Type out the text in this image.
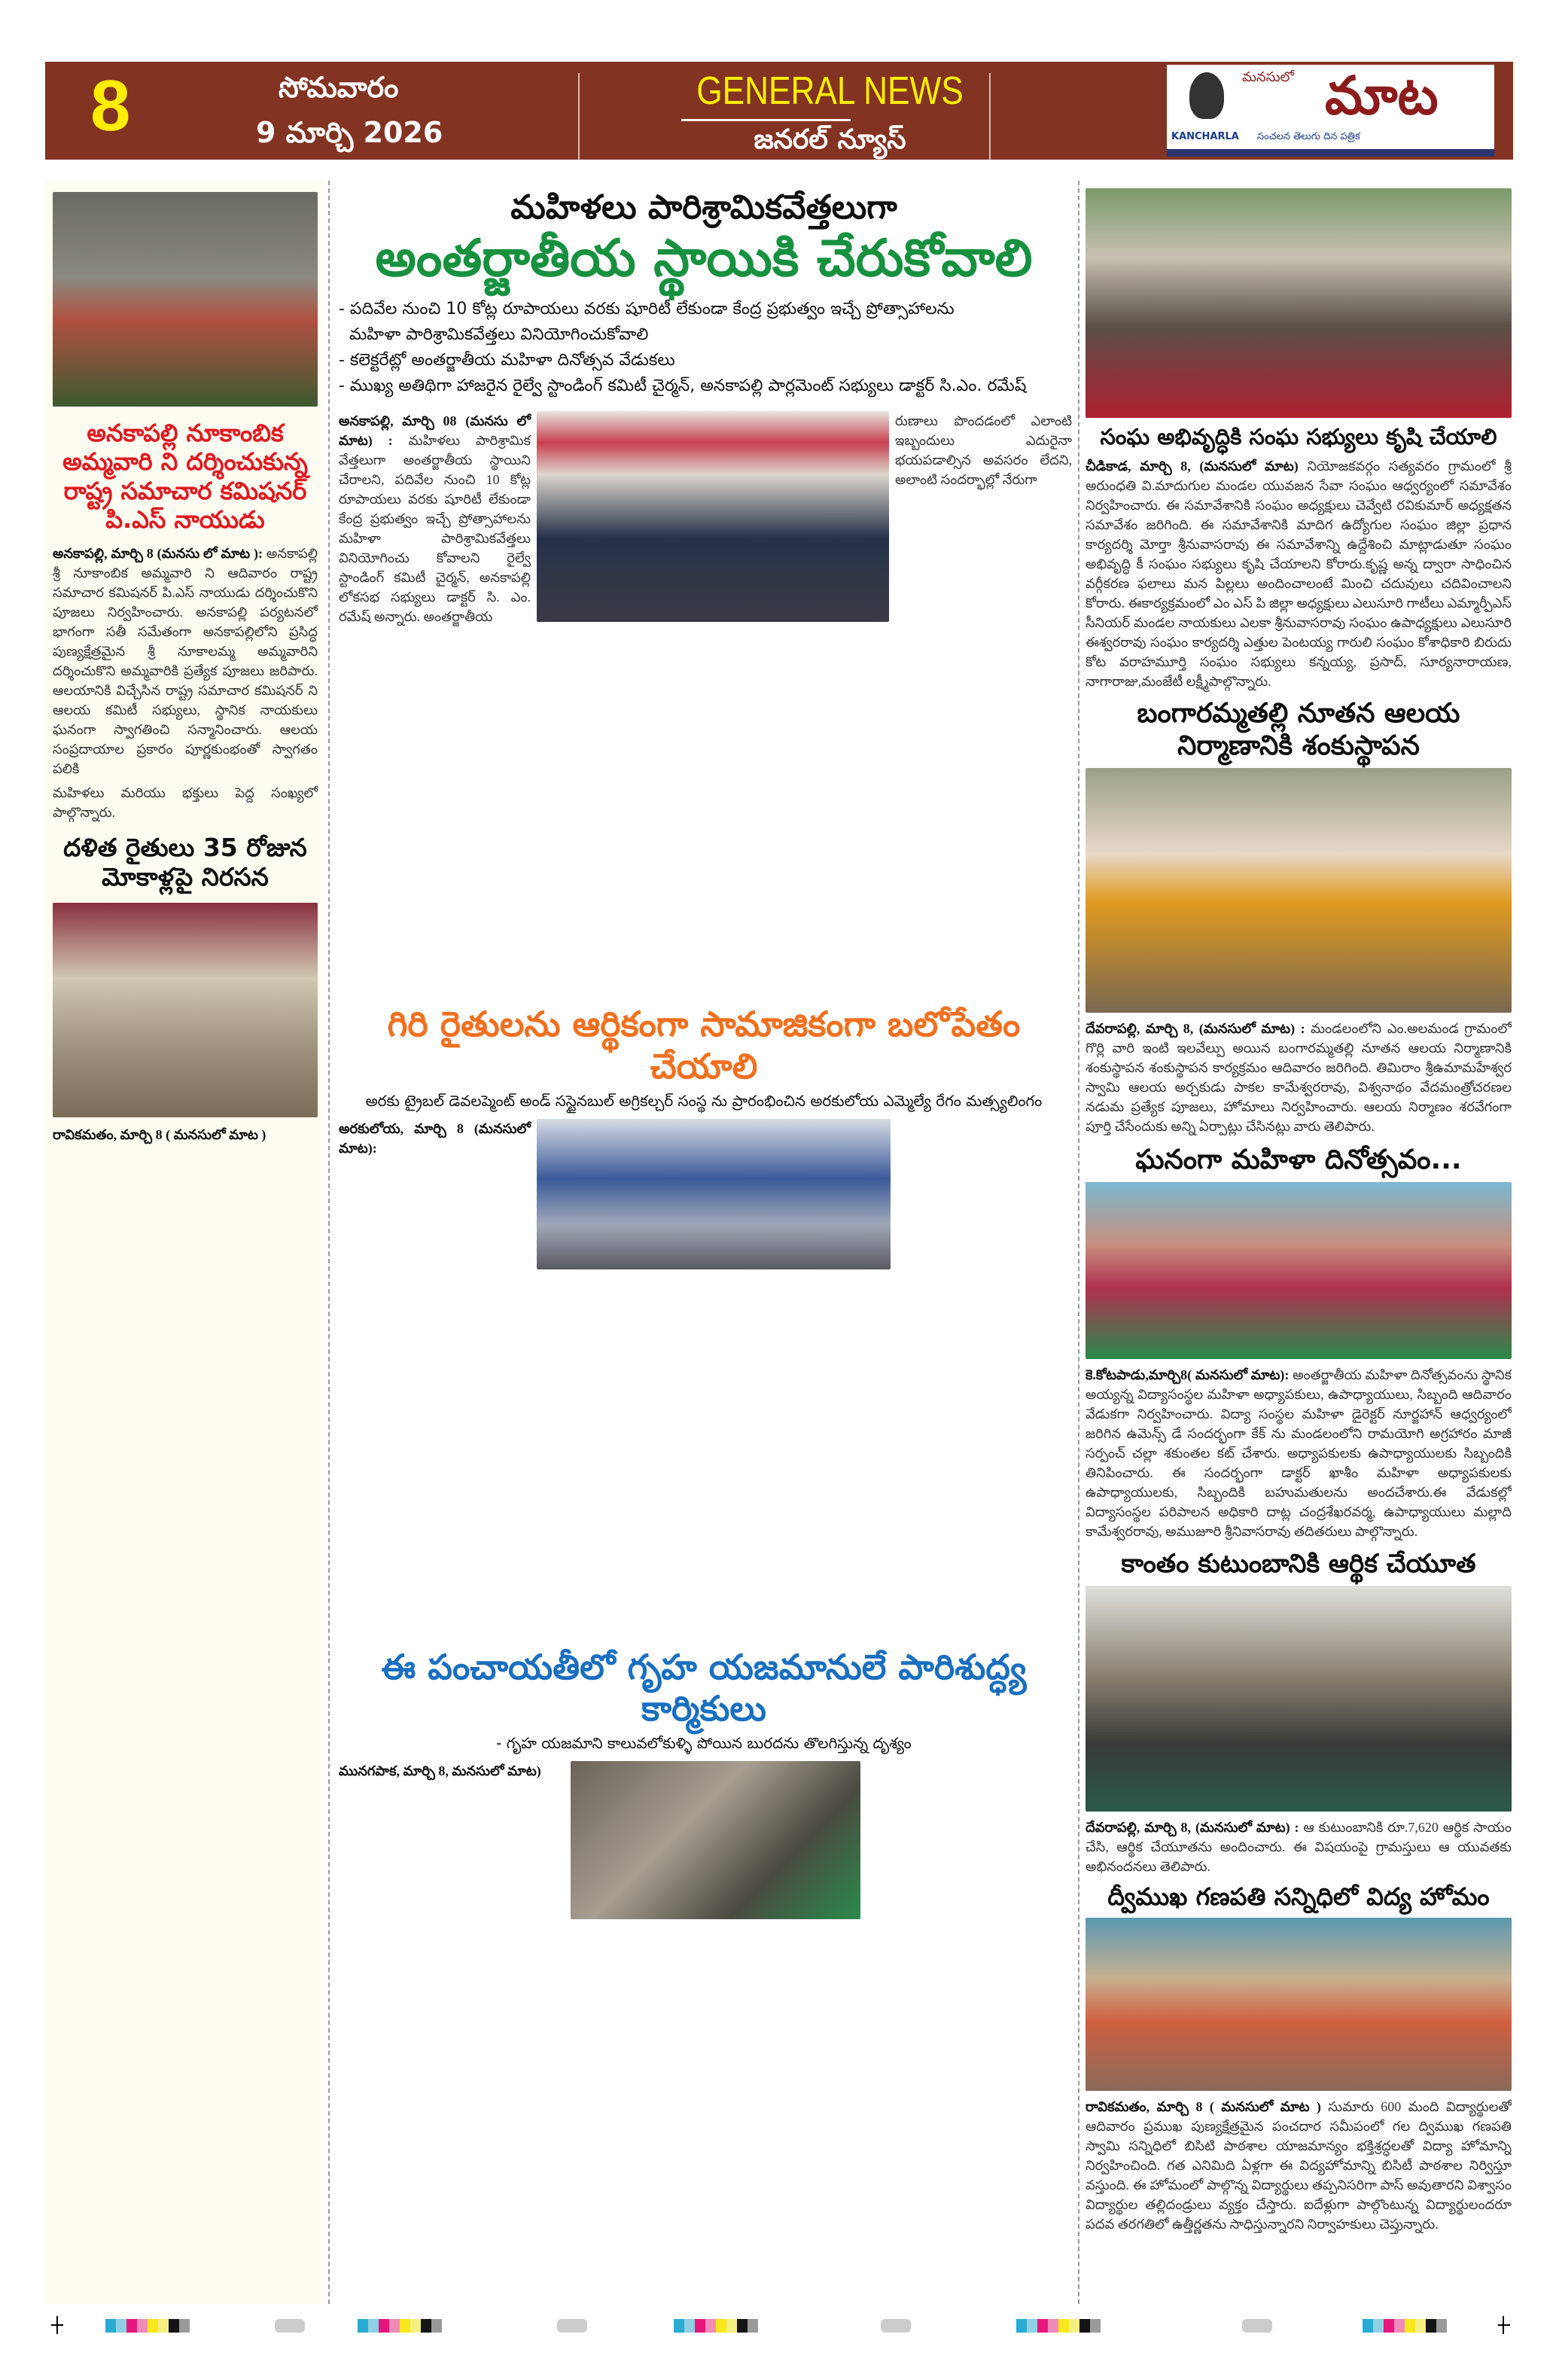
8	సోమవారం
9 మార్చి 2026
GENERAL NEWS
జనరల్ న్యూస్	KANCHARLA
మనసులో మాట
సంచలన తెలుగు దిన పత్రిక
అనకాపల్లి నూకాంబిక అమ్మవారి ని దర్శించుకున్న రాష్ట్ర సమాచార కమిషనర్ పి.ఎస్ నాయుడు
అనకాపల్లి, మార్చి 8 (మనసు లో మాట ): అనకాపల్లి శ్రీ నూకాంబిక అమ్మవారి ని ఆదివారం రాష్ట్ర సమాచార కమిషనర్ పి.ఎస్ నాయుడు దర్శించుకొని పూజలు నిర్వహించారు. అనకాపల్లి పర్యటనలో భాగంగా సతీ సమేతంగా అనకాపల్లిలోని ప్రసిద్ధ పుణ్యక్షేత్రమైన శ్రీ నూకాలమ్మ అమ్మవారిని దర్శించుకొని అమ్మవారికి ప్రత్యేక పూజలు జరిపారు. ఆలయానికి విచ్చేసిన రాష్ట్ర సమాచార కమిషనర్ ని ఆలయ కమిటీ సభ్యులు, స్థానిక నాయకులు ఘనంగా స్వాగతించి సన్మానించారు. ఆలయ సంప్రదాయాల ప్రకారం పూర్ణకుంభంతో స్వాగతం పలికి
మహిళలు మరియు భక్తులు పెద్ద సంఖ్యలో పాల్గొన్నారు.
దళిత రైతులు 35 రోజున మోకాళ్లపై నిరసన
రావికమతం, మార్చి 8 ( మనసులో మాట )
మహిళలు పారిశ్రామికవేత్తలుగా
అంతర్జాతీయ స్థాయికి చేరుకోవాలి
- పదివేల నుంచి 10 కోట్ల రూపాయలు వరకు షూరిటీ లేకుండా కేంద్ర ప్రభుత్వం ఇచ్చే ప్రోత్సాహాలను
మహిళా పారిశ్రామికవేత్తలు వినియోగించుకోవాలి
- కలెక్టరేట్లో అంతర్జాతీయ మహిళా దినోత్సవ వేడుకలు
- ముఖ్య అతిథిగా హాజరైన రైల్వే స్టాండింగ్ కమిటీ చైర్మన్, అనకాపల్లి పార్లమెంట్ సభ్యులు డాక్టర్ సి.ఎం. రమేష్
అనకాపల్లి, మార్చి 08 (మనసు లో మాట) : మహిళలు పారిశ్రామిక వేత్తలుగా అంతర్జాతీయ స్థాయిని చేరాలని, పదివేల నుంచి 10 కోట్ల రూపాయలు వరకు షూరిటీ లేకుండా కేంద్ర ప్రభుత్వం ఇచ్చే ప్రోత్సాహాలను మహిళా పారిశ్రామికవేత్తలు వినియోగించు కోవాలని రైల్వే స్టాండింగ్ కమిటీ చైర్మన్, అనకాపల్లి లోకసభ సభ్యులు డాక్టర్ సి. ఎం. రమేష్ అన్నారు. అంతర్జాతీయ
రుణాలు పొందడంలో ఎలాంటి ఇబ్బందులు ఎదురైనా భయపడాల్సిన అవసరం లేదని, అలాంటి సందర్భాల్లో నేరుగా
గిరి రైతులను ఆర్థికంగా సామాజికంగా బలోపేతం చేయాలి
అరకు ట్రైబల్ డెవలప్మెంట్ అండ్ సస్టైనబుల్ అగ్రికల్చర్ సంస్థ ను ప్రారంభించిన అరకులోయ ఎమ్మెల్యే రేగం మత్స్యలింగం
అరకులోయ, మార్చి 8 (మనసులో మాట):
ఈ పంచాయతీలో గృహ యజమానులే పారిశుద్ధ్య కార్మికులు
- గృహ యజమాని కాలువలోకుళ్ళి పోయిన బురదను తొలగిస్తున్న దృశ్యం
మునగపాక, మార్చి 8, మనసులో మాట)
సంఘ అభివృద్ధికి సంఘ సభ్యులు కృషి చేయాలి
చీడికాడ, మార్చి 8, (మనసులో మాట) నియోజకవర్గం సత్యవరం గ్రామంలో శ్రీ అరుంధతి వి.మాదుగుల మండల యువజన సేవా సంఘం ఆధ్వర్యంలో సమావేశం నిర్వహించారు. ఈ సమావేశానికి సంఘం అధ్యక్షులు చెవ్వేటి రవికుమార్ అధ్యక్షతన సమావేశం జరిగింది. ఈ సమావేశానికి మాదిగ ఉద్యోగుల సంఘం జిల్లా ప్రధాన కార్యదర్శి మోర్తా శ్రీనువాసరావు ఈ సమావేశాన్ని ఉద్దేశించి మాట్లాడుతూ సంఘం అభివృద్ధి కీ సంఘం సభ్యులు కృషి చేయాలని కోరారు.కృష్ణ అన్న ద్వారా సాధించిన వర్గీకరణ ఫలాలు మన పిల్లలు అందించాలంటే మించి చదువులు చదివించాలని కోరారు. ఈకార్యక్రమంలో ఎం ఎస్ పి జిల్లా అధ్యక్షులు ఎలుసూరి గాటీలు ఎమ్మార్పీఎస్ సీనియర్ మండల నాయకులు ఎలకా శ్రీనువాసరావు సంఘం ఉపాధ్యక్షులు ఎలుసూరి ఈశ్వరరావు సంఘం కార్యదర్శి ఎత్తుల పెంటయ్య గారులి సంఘం కోశాధికారి బిరుదు కోట వరాహమూర్తి సంఘం సభ్యులు కన్నయ్య, ప్రసాద్, సూర్యనారాయణ, నాగారాజు,మంజేటీ లక్ష్మీపాల్గొన్నారు.
బంగారమ్మతల్లి నూతన ఆలయ నిర్మాణానికి శంకుస్థాపన
దేవరాపల్లి, మార్చి 8, (మనసులో మాట) : మండలంలోని ఎం.అలమండ గ్రామంలో గొర్లి వారి ఇంటి ఇలవేల్పు అయిన బంగారమ్మతల్లి నూతన ఆలయ నిర్మాణానికి శంకుస్థాపన శంకుస్థాపన కార్యక్రమం ఆదివారం జరిగింది. తిమిరాం శ్రీఉమామహేశ్వర స్వామి ఆలయ అర్చకుడు పాకల కామేశ్వరరావు, విశ్వనాథం వేదమంత్రోచరణల నడుమ ప్రత్యేక పూజలు, హోమాలు నిర్వహించారు. ఆలయ నిర్మాణం శరవేగంగా పూర్తి చేసేందుకు అన్ని ఏర్పాట్లు చేసినట్లు వారు తెలిపారు.
ఘనంగా మహిళా దినోత్సవం...
కె.కోటపాడు,మార్చి8( మనసులో మాట): అంతర్జాతీయ మహిళా దినోత్సవంను స్థానిక అయ్యన్న విద్యాసంస్థల మహిళా అధ్యాపకులు, ఉపాధ్యాయులు, సిబ్బంది ఆదివారం వేడుకగా నిర్వహించారు. విద్యా సంస్థల మహిళా డైరెక్టర్ నూర్జహాన్ ఆధ్వర్యంలో జరిగిన ఉమెన్స్ డే సందర్భంగా కేక్ ను మండలంలోని రామయోగి అగ్రహారం మాజీ సర్పంచ్ చల్లా శకుంతల కట్ చేశారు. అధ్యాపకులకు ఉపాధ్యాయులకు సిబ్బందికి తినిపించారు. ఈ సందర్భంగా డాక్టర్ ఖాశీం మహిళా అధ్యాపకులకు ఉపాధ్యాయులకు, సిబ్బందికి బహుమతులను అందచేశారు.ఈ వేడుకల్లో విద్యాసంస్థల పరిపాలన అధికారి దాట్ల చంద్రశేఖరవర్మ, ఉపాధ్యాయులు మల్లాది కామేశ్వరరావు, అముజూరి శ్రీనివాసరావు తదితరులు పాల్గొన్నారు.
కాంతం కుటుంబానికి ఆర్థిక చేయూత
దేవరాపల్లి, మార్చి 8, (మనసులో మాట) : ఆ కుటుంబానికి రూ.7,620 ఆర్థిక సాయం చేసి, ఆర్థిక చేయూతను అందించారు. ఈ విషయంపై గ్రామస్తులు ఆ యువతకు అభినందనలు తెలిపారు.
ద్వీముఖ గణపతి సన్నిధిలో విద్య హోమం
రావికమతం, మార్చి 8 ( మనసులో మాట ) సుమారు 600 మంది విద్యార్థులతో ఆదివారం ప్రముఖ పుణ్యక్షేత్రమైన పంచదార సమీపంలో గల ద్విముఖ గణపతి స్వామి సన్నిధిలో బిసిటి పాఠశాల యాజమాన్యం భక్తిశ్రద్ధలతో విద్యా హోమాన్ని నిర్వహించింది. గత ఎనిమిది ఏళ్లగా ఈ విద్యహోమాన్ని బిసిటీ పాఠశాల నిర్విస్తూ వస్తుంది. ఈ హోమంలో పాల్గొన్న విద్యార్థులు తప్పనిసరిగా పాస్ అవుతారని విశ్వాసం విద్యార్థుల తల్లిదండ్రులు వ్యక్తం చేస్తారు. ఐదేళ్లుగా పాల్గొంటున్న విద్యార్థులందరూ పదవ తరగతిలో ఉత్తీర్ణతను సాధిస్తున్నారని నిర్వాహకులు చెప్తున్నారు.
